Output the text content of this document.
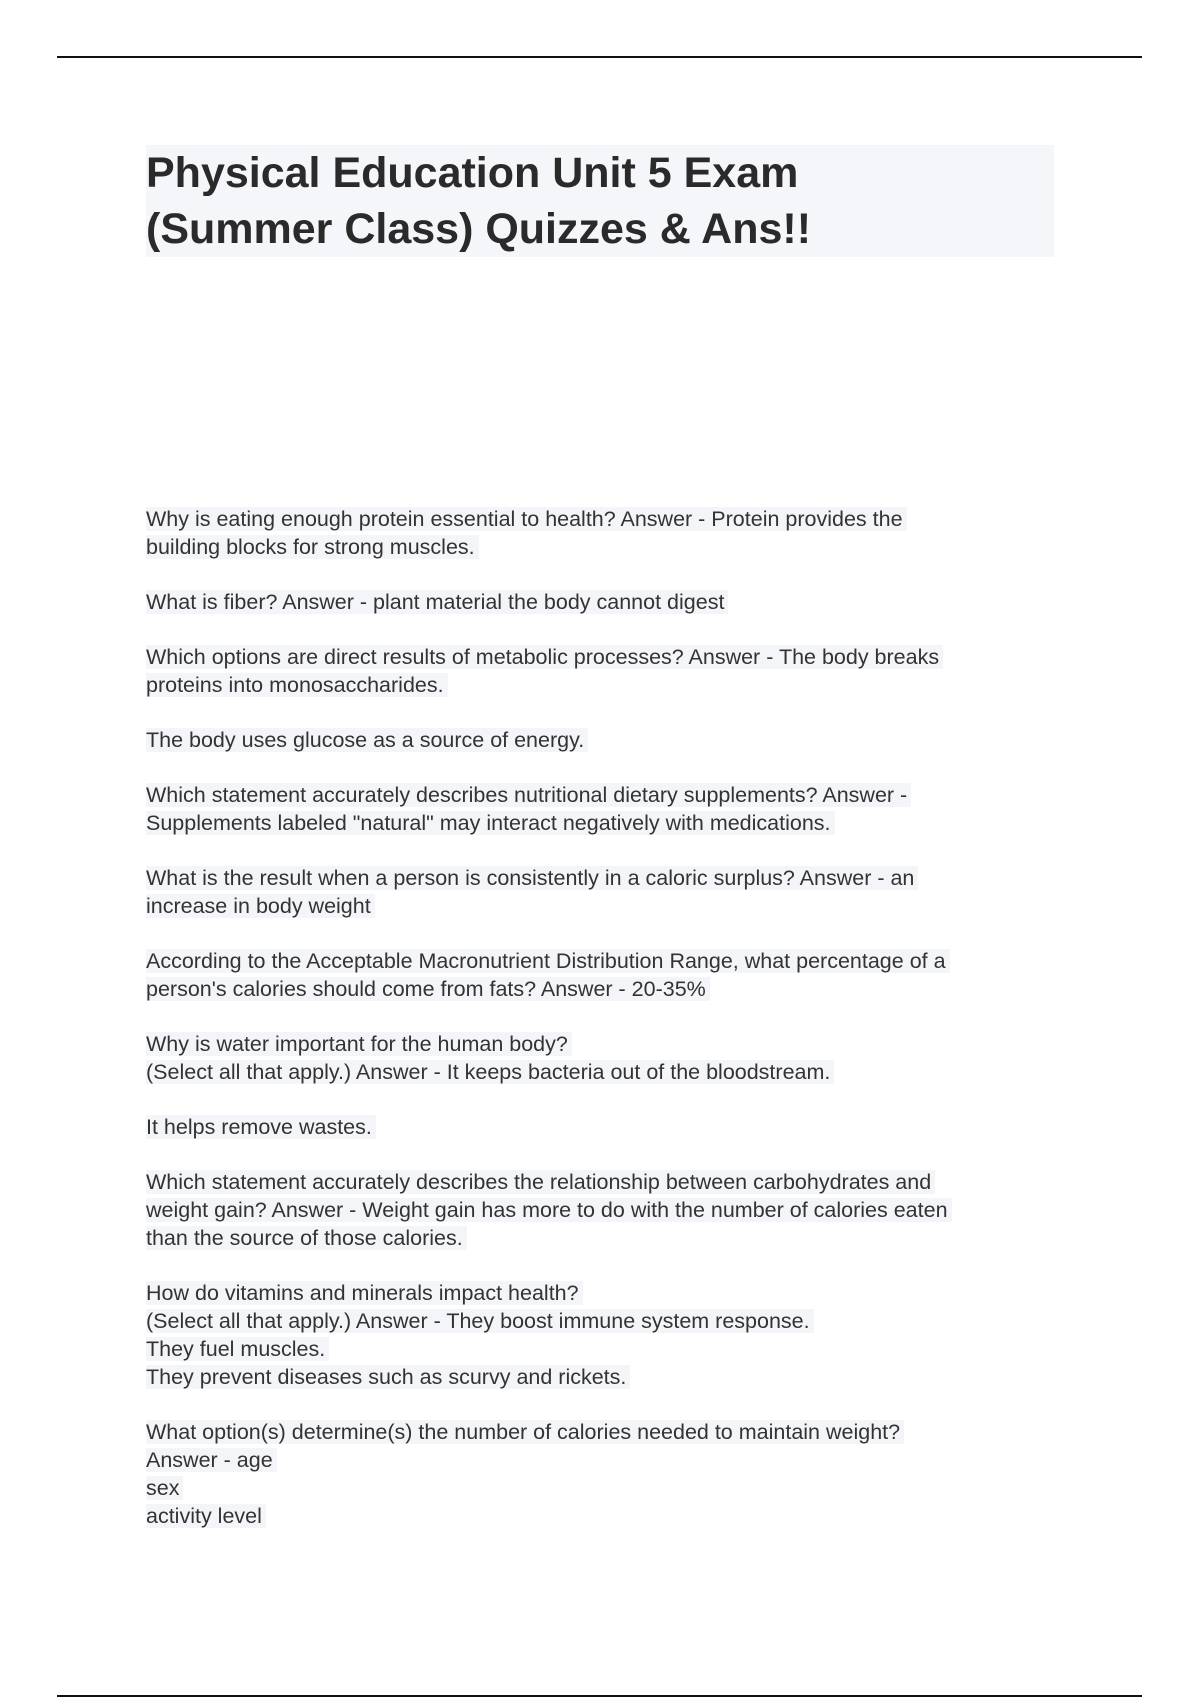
Physical Education Unit 5 Exam
(Summer Class) Quizzes & Ans!!
Why is eating enough protein essential to health? Answer - Protein provides the
building blocks for strong muscles.
What is fiber? Answer - plant material the body cannot digest
Which options are direct results of metabolic processes? Answer - The body breaks
proteins into monosaccharides.
The body uses glucose as a source of energy.
Which statement accurately describes nutritional dietary supplements? Answer -
Supplements labeled "natural" may interact negatively with medications.
What is the result when a person is consistently in a caloric surplus? Answer - an
increase in body weight
According to the Acceptable Macronutrient Distribution Range, what percentage of a
person's calories should come from fats? Answer - 20-35%
Why is water important for the human body?
(Select all that apply.) Answer - It keeps bacteria out of the bloodstream.
It helps remove wastes.
Which statement accurately describes the relationship between carbohydrates and
weight gain? Answer - Weight gain has more to do with the number of calories eaten
than the source of those calories.
How do vitamins and minerals impact health?
(Select all that apply.) Answer - They boost immune system response.
They fuel muscles.
They prevent diseases such as scurvy and rickets.
What option(s) determine(s) the number of calories needed to maintain weight?
Answer - age
sex
activity level
